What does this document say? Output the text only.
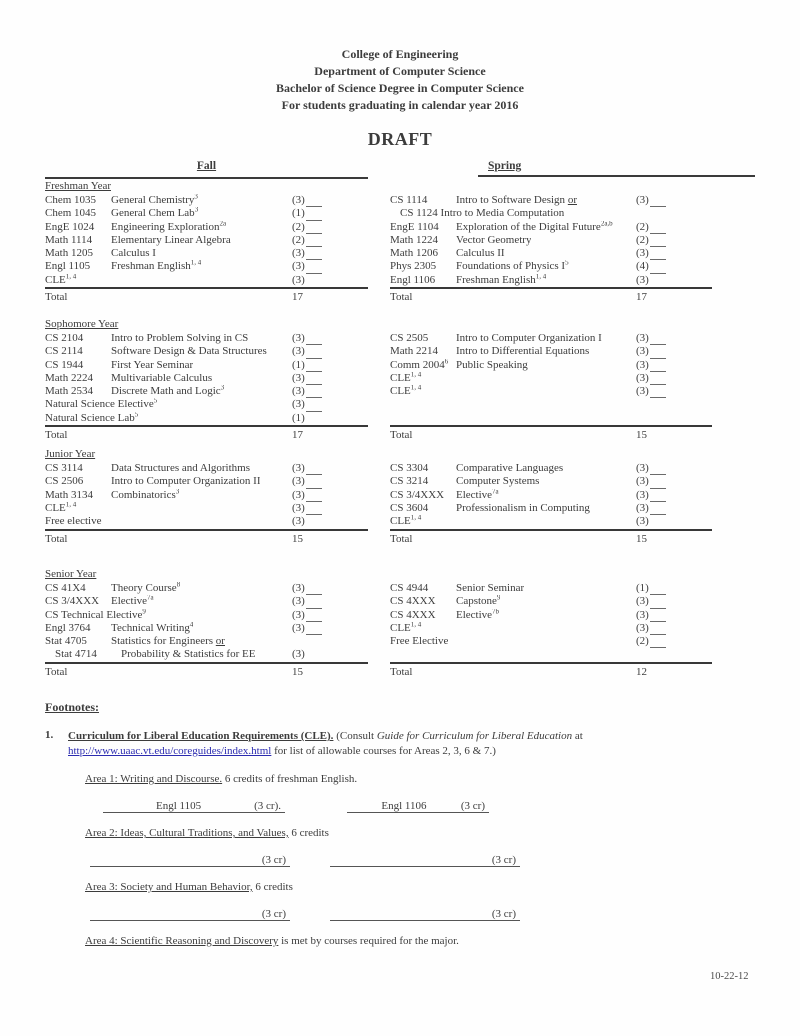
College of Engineering
Department of Computer Science
Bachelor of Science Degree in Computer Science
For students graduating in calendar year 2016
DRAFT
Fall	Spring
Freshman Year
Chem 1035	General Chemistry$^3$	(3)
Chem 1045	General Chem Lab$^3$	(1)
EngE 1024	Engineering Exploration$^{2a}$	(2)
Math 1114	Elementary Linear Algebra	(2)
Math 1205	Calculus I	(3)
Engl 1105	Freshman English$^{1, 4}$	(3)
CLE$^{1, 4}$	(3)
Total	17
CS 1114	Intro to Software Design or	(3)
CS 1124 Intro to Media Computation
EngE 1104	Exploration of the Digital Future$^{2a,b}$ (2)
Math 1224	Vector Geometry	(2)
Math 1206	Calculus II	(3)
Phys 2305	Foundations of Physics $I^5$	(4)
Engl 1106	Freshman English$^{1, 4}$	(3)
Total	17
Sophomore Year
CS 2104	Intro to Problem Solving in CS	(3)
CS 2114	Software Design & Data Structures (3)
CS 1944	First Year Seminar	(1)
Math 2224	Multivariable Calculus	(3)
Math 2534	Discrete Math and Logic$^3$	(3)
Natural Science Elective$^5$	(3)
Natural Science Lab$^5$	(1)
Total	17
CS 2505	Intro to Computer Organization I	(3)
Math 2214	Intro to Differential Equations	(3)
Comm 2004$^6$ Public Speaking	(3)
CLE$^{1, 4}$	(3)
CLE$^{1, 4}$	(3)
Total	15
Junior Year
CS 3114	Data Structures and Algorithms	(3)
CS 2506	Intro to Computer Organization II	(3)
Math 3134	Combinatorics$^3$	(3)
CLE$^{1, 4}$	(3)
Free elective	(3)
Total	15
CS 3304	Comparative Languages	(3)
CS 3214	Computer Systems	(3)
CS 3/4XXX	Elective$^{7a}$	(3)
CS 3604	Professionalism in Computing	(3)
CLE$^{1, 4}$	(3)
Total	15
Senior Year
CS 41X4	Theory Course$^8$	(3)
CS 3/4XXX	Elective$^{7a}$	(3)
CS Technical Elective$^9$	(3)
Engl 3764	Technical Writing$^4$	(3)
Stat 4705	Statistics for Engineers or
Stat 4714	Probability & Statistics for EE	(3)
Total	15
CS 4944	Senior Seminar	(1)
CS 4XXX	Capstone$^9$	(3)
CS 4XXX	Elective$^{7b}$	(3)
CLE$^{1, 4}$	(3)
Free Elective	(2)
Total	12
Footnotes:
1.	Curriculum for Liberal Education Requirements (CLE). (Consult Guide for Curriculum for Liberal Education at
http://www.uaac.vt.edu/coreguides/index.html for list of allowable courses for Areas 2, 3, 6 & 7.)
Area 1: Writing and Discourse. 6 credits of freshman English.
Engl 1105	(3 cr).	Engl 1106	(3 cr)
Area 2: Ideas, Cultural Traditions, and Values, 6 credits
(3 cr)	(3 cr)
Area 3: Society and Human Behavior, 6 credits
(3 cr)	(3 cr)
Area 4: Scientific Reasoning and Discovery is met by courses required for the major.
10-22-12
